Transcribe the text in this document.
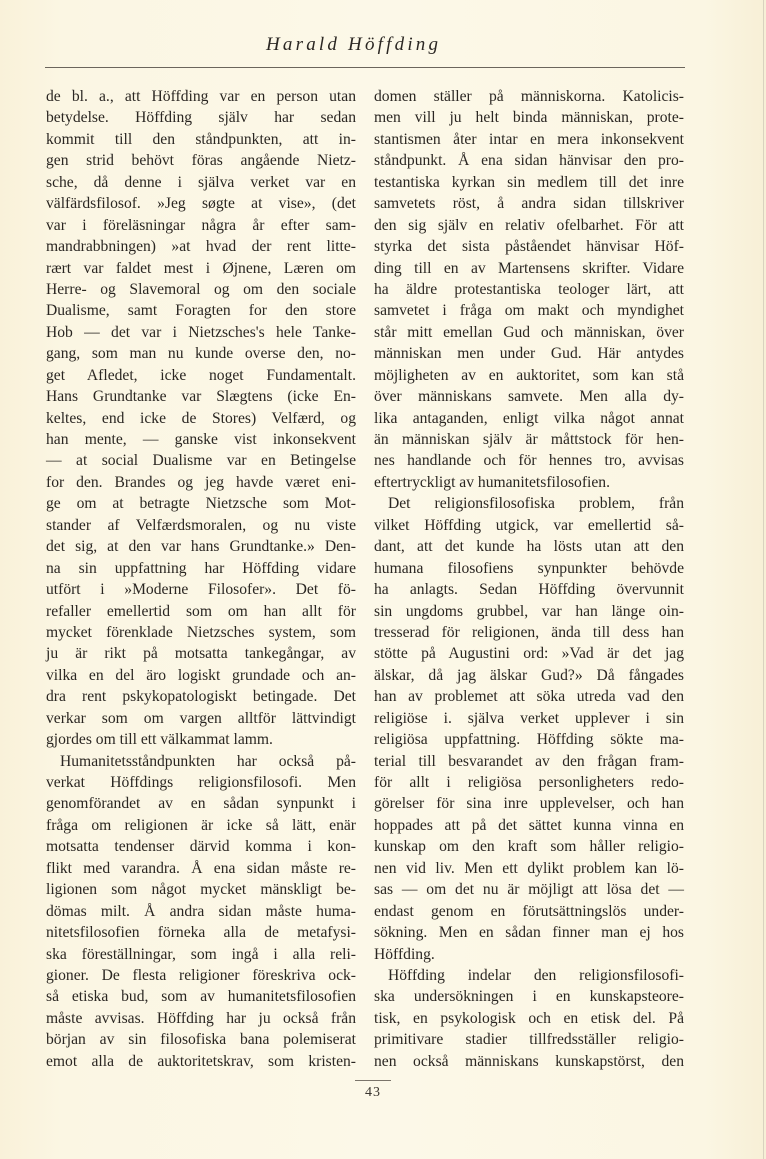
Harald Höffding
de bl. a., att Höffding var en person utan
betydelse. Höffding själv har sedan
kommit till den ståndpunkten, att in-
gen strid behövt föras angående Nietz-
sche, då denne i själva verket var en
välfärdsfilosof. »Jeg søgte at vise», (det
var i föreläsningar några år efter sam-
mandrabbningen) »at hvad der rent litte-
rært var faldet mest i Øjnene, Læren om
Herre- og Slavemoral og om den sociale
Dualisme, samt Foragten for den store
Hob — det var i Nietzsches's hele Tanke-
gang, som man nu kunde overse den, no-
get Afledet, icke noget Fundamentalt.
Hans Grundtanke var Slægtens (icke En-
keltes, end icke de Stores) Velfærd, og
han mente, — ganske vist inkonsekvent
— at social Dualisme var en Betingelse
for den. Brandes og jeg havde været eni-
ge om at betragte Nietzsche som Mot-
stander af Velfærdsmoralen, og nu viste
det sig, at den var hans Grundtanke.» Den-
na sin uppfattning har Höffding vidare
utfört i »Moderne Filosofer». Det fö-
refaller emellertid som om han allt för
mycket förenklade Nietzsches system, som
ju är rikt på motsatta tankegångar, av
vilka en del äro logiskt grundade och an-
dra rent pskykopatologiskt betingade. Det
verkar som om vargen alltför lättvindigt
gjordes om till ett välkammat lamm.
Humanitetsståndpunkten har också på-
verkat Höffdings religionsfilosofi. Men
genomförandet av en sådan synpunkt i
fråga om religionen är icke så lätt, enär
motsatta tendenser därvid komma i kon-
flikt med varandra. Å ena sidan måste re-
ligionen som något mycket mänskligt be-
dömas milt. Å andra sidan måste huma-
nitetsfilosofien förneka alla de metafysi-
ska föreställningar, som ingå i alla reli-
gioner. De flesta religioner föreskriva ock-
så etiska bud, som av humanitetsfilosofien
måste avvisas. Höffding har ju också från
början av sin filosofiska bana polemiserat
emot alla de auktoritetskrav, som kristen-
domen ställer på människorna. Katolicis-
men vill ju helt binda människan, prote-
stantismen åter intar en mera inkonsekvent
ståndpunkt. Å ena sidan hänvisar den pro-
testantiska kyrkan sin medlem till det inre
samvetets röst, å andra sidan tillskriver
den sig själv en relativ ofelbarhet. För att
styrka det sista påståendet hänvisar Höf-
ding till en av Martensens skrifter. Vidare
ha äldre protestantiska teologer lärt, att
samvetet i fråga om makt och myndighet
står mitt emellan Gud och människan, över
människan men under Gud. Här antydes
möjligheten av en auktoritet, som kan stå
över människans samvete. Men alla dy-
lika antaganden, enligt vilka något annat
än människan själv är måttstock för hen-
nes handlande och för hennes tro, avvisas
eftertryckligt av humanitetsfilosofien.
Det religionsfilosofiska problem, från
vilket Höffding utgick, var emellertid så-
dant, att det kunde ha lösts utan att den
humana filosofiens synpunkter behövde
ha anlagts. Sedan Höffding övervunnit
sin ungdoms grubbel, var han länge oin-
tresserad för religionen, ända till dess han
stötte på Augustini ord: »Vad är det jag
älskar, då jag älskar Gud?» Då fångades
han av problemet att söka utreda vad den
religiöse i. själva verket upplever i sin
religiösa uppfattning. Höffding sökte ma-
terial till besvarandet av den frågan fram-
för allt i religiösa personligheters redo-
görelser för sina inre upplevelser, och han
hoppades att på det sättet kunna vinna en
kunskap om den kraft som håller religio-
nen vid liv. Men ett dylikt problem kan lö-
sas — om det nu är möjligt att lösa det —
endast genom en förutsättningslös under-
sökning. Men en sådan finner man ej hos
Höffding.
Höffding indelar den religionsfilosofi-
ska undersökningen i en kunskapsteore-
tisk, en psykologisk och en etisk del. På
primitivare stadier tillfredsställer religio-
nen också människans kunskapstörst, den
43
